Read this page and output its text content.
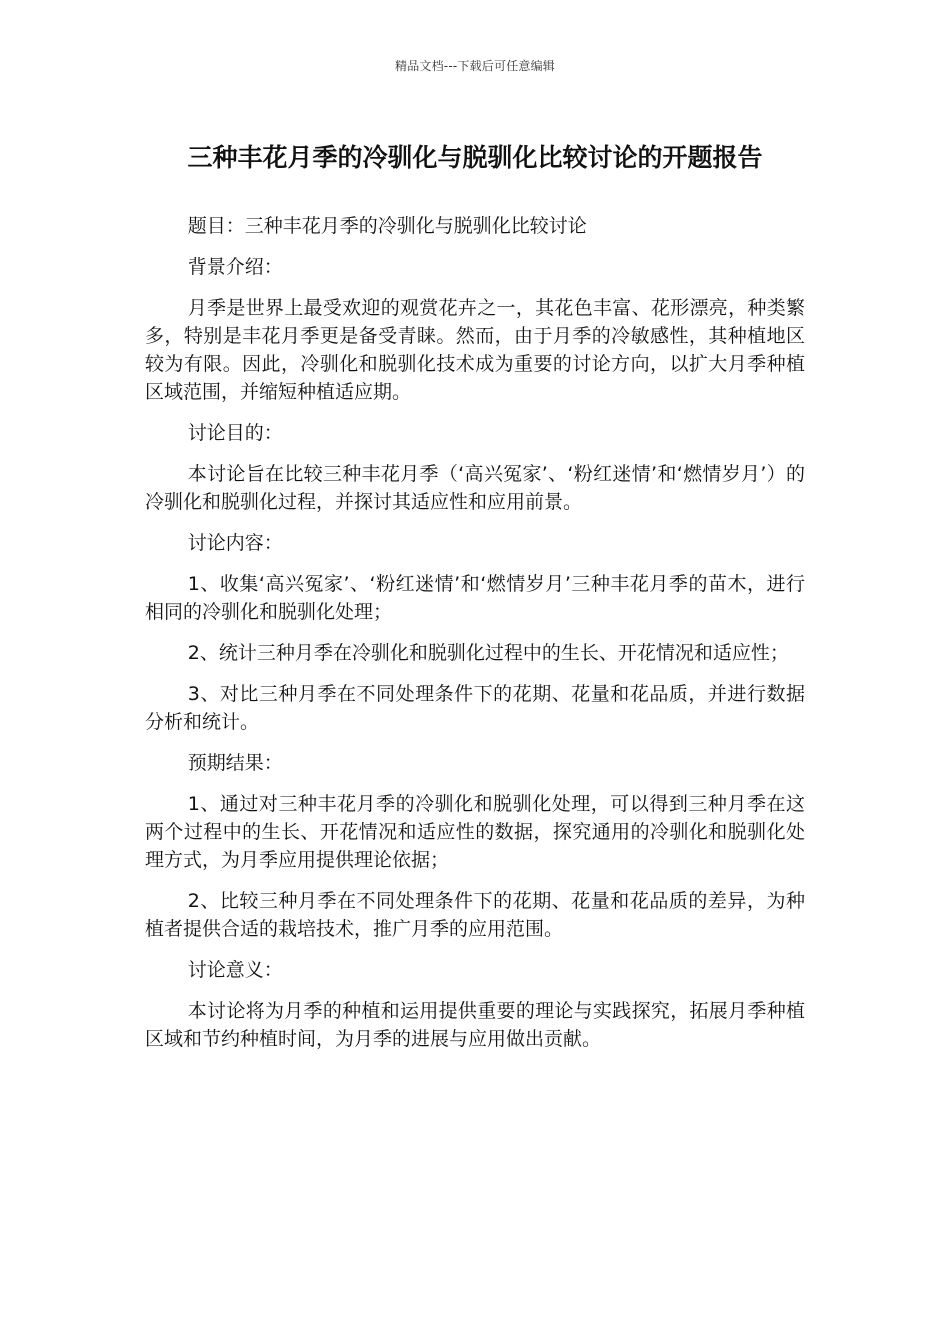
精品文档---下载后可任意编辑
三种丰花月季的冷驯化与脱驯化比较讨论的开题报告

题目：三种丰花月季的冷驯化与脱驯化比较讨论

背景介绍：

月季是世界上最受欢迎的观赏花卉之一，其花色丰富、花形漂亮，种类繁多，特别是丰花月季更是备受青睐。然而，由于月季的冷敏感性，其种植地区较为有限。因此，冷驯化和脱驯化技术成为重要的讨论方向，以扩大月季种植区域范围，并缩短种植适应期。

讨论目的：

本讨论旨在比较三种丰花月季（‘高兴冤家’、‘粉红迷情’和‘燃情岁月’）的冷驯化和脱驯化过程，并探讨其适应性和应用前景。

讨论内容：

1、收集‘高兴冤家’、‘粉红迷情’和‘燃情岁月’三种丰花月季的苗木，进行相同的冷驯化和脱驯化处理；

2、统计三种月季在冷驯化和脱驯化过程中的生长、开花情况和适应性；

3、对比三种月季在不同处理条件下的花期、花量和花品质，并进行数据分析和统计。

预期结果：

1、通过对三种丰花月季的冷驯化和脱驯化处理，可以得到三种月季在这两个过程中的生长、开花情况和适应性的数据，探究通用的冷驯化和脱驯化处理方式，为月季应用提供理论依据；

2、比较三种月季在不同处理条件下的花期、花量和花品质的差异，为种植者提供合适的栽培技术，推广月季的应用范围。

讨论意义：

本讨论将为月季的种植和运用提供重要的理论与实践探究，拓展月季种植区域和节约种植时间，为月季的进展与应用做出贡献。
